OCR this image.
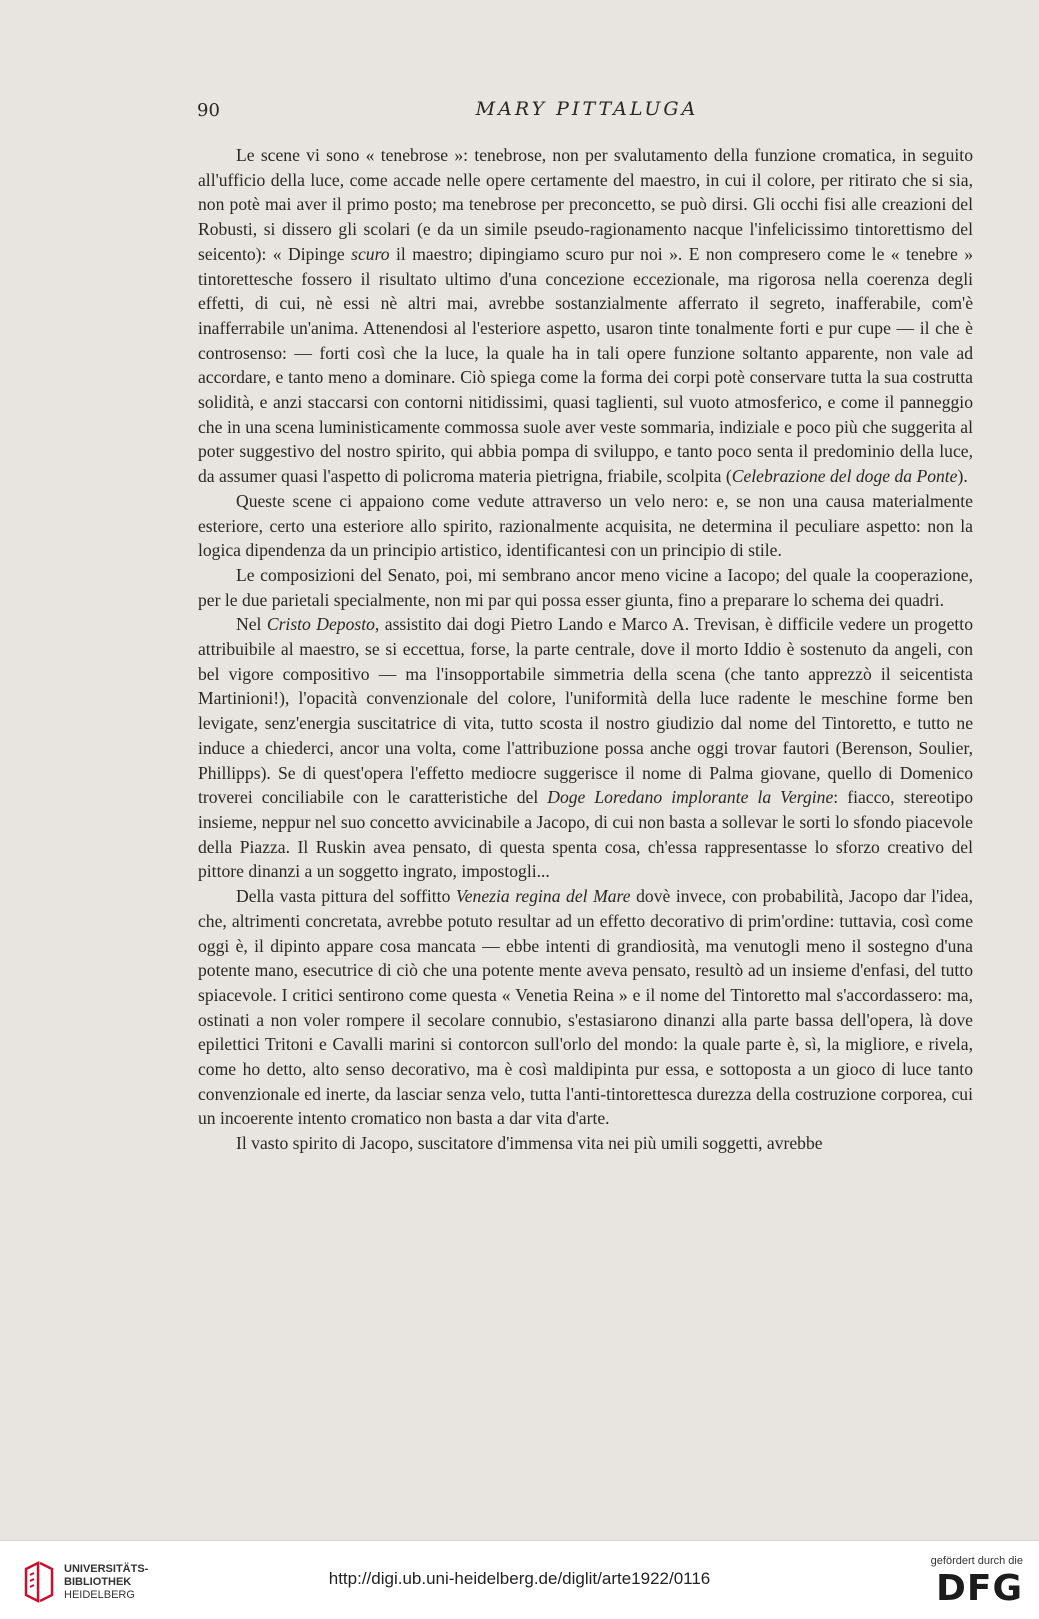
90	MARY PITTALUGA

Le scene vi sono « tenebrose »: tenebrose, non per svalutamento della funzione cromatica, in seguito all'ufficio della luce, come accade nelle opere certamente del maestro, in cui il colore, per ritirato che si sia, non potè mai aver il primo posto; ma tenebrose per preconcetto, se può dirsi. Gli occhi fisi alle creazioni del Robusti, si dissero gli scolari (e da un simile pseudo-ragionamento nacque l'infelicissimo tintorettismo del seicento): « Dipinge scuro il maestro; dipingiamo scuro pur noi ». E non compresero come le « tenebre » tintorettesche fossero il risultato ultimo d'una concezione eccezionale, ma rigorosa nella coerenza degli effetti, di cui, nè essi nè altri mai, avrebbe sostanzialmente afferrato il segreto, inafferabile, com'è inafferrabile un'anima. Attenendosi al l'esteriore aspetto, usaron tinte tonalmente forti e pur cupe — il che è controsenso: — forti così che la luce, la quale ha in tali opere funzione soltanto apparente, non vale ad accordare, e tanto meno a dominare. Ciò spiega come la forma dei corpi potè conservare tutta la sua costrutta solidità, e anzi staccarsi con contorni nitidissimi, quasi taglienti, sul vuoto atmosferico, e come il panneggio che in una scena luministicamente commossa suole aver veste sommaria, indiziale e poco più che suggerita al poter suggestivo del nostro spirito, qui abbia pompa di sviluppo, e tanto poco senta il predominio della luce, da assumer quasi l'aspetto di policroma materia pietrigna, friabile, scolpita (Celebrazione del doge da Ponte).

Queste scene ci appaiono come vedute attraverso un velo nero: e, se non una causa materialmente esteriore, certo una esteriore allo spirito, razionalmente acquisita, ne determina il peculiare aspetto: non la logica dipendenza da un principio artistico, identificantesi con un principio di stile.

Le composizioni del Senato, poi, mi sembrano ancor meno vicine a Iacopo; del quale la cooperazione, per le due parietali specialmente, non mi par qui possa esser giunta, fino a preparare lo schema dei quadri.

Nel Cristo Deposto, assistito dai dogi Pietro Lando e Marco A. Trevisan, è difficile vedere un progetto attribuibile al maestro, se si eccettua, forse, la parte centrale, dove il morto Iddio è sostenuto da angeli, con bel vigore compositivo — ma l'insopportabile simmetria della scena (che tanto apprezzò il seicentista Martinioni!), l'opacità convenzionale del colore, l'uniformità della luce radente le meschine forme ben levigate, senz'energia suscitatrice di vita, tutto scosta il nostro giudizio dal nome del Tintoretto, e tutto ne induce a chiederci, ancor una volta, come l'attribuzione possa anche oggi trovar fautori (Berenson, Soulier, Phillipps). Se di quest'opera l'effetto mediocre suggerisce il nome di Palma giovane, quello di Domenico troverei conciliabile con le caratteristiche del Doge Loredano implorante la Vergine: fiacco, stereotipo insieme, neppur nel suo concetto avvicinabile a Jacopo, di cui non basta a sollevar le sorti lo sfondo piacevole della Piazza. Il Ruskin avea pensato, di questa spenta cosa, ch'essa rappresentasse lo sforzo creativo del pittore dinanzi a un soggetto ingrato, impostogli...

Della vasta pittura del soffitto Venezia regina del Mare dovè invece, con probabilità, Jacopo dar l'idea, che, altrimenti concretata, avrebbe potuto resultar ad un effetto decorativo di prim'ordine: tuttavia, così come oggi è, il dipinto appare cosa mancata — ebbe intenti di grandiosità, ma venutogli meno il sostegno d'una potente mano, esecutrice di ciò che una potente mente aveva pensato, resultò ad un insieme d'enfasi, del tutto spiacevole. I critici sentirono come questa « Venetia Reina » e il nome del Tintoretto mal s'accordassero: ma, ostinati a non voler rompere il secolare connubio, s'estasiarono dinanzi alla parte bassa dell'opera, là dove epilettici Tritoni e Cavalli marini si contorcon sull'orlo del mondo: la quale parte è, sì, la migliore, e rivela, come ho detto, alto senso decorativo, ma è così maldipinta pur essa, e sottoposta a un gioco di luce tanto convenzionale ed inerte, da lasciar senza velo, tutta l'anti-tintorettesca durezza della costruzione corporea, cui un incoerente intento cromatico non basta a dar vita d'arte.

Il vasto spirito di Jacopo, suscitatore d'immensa vita nei più umili soggetti, avrebbe

UNIVERSITÄTS-
BIBLIOTHEK
HEIDELBERG
http://digi.ub.uni-heidelberg.de/diglit/arte1922/0116
gefördert durch die
DFG
